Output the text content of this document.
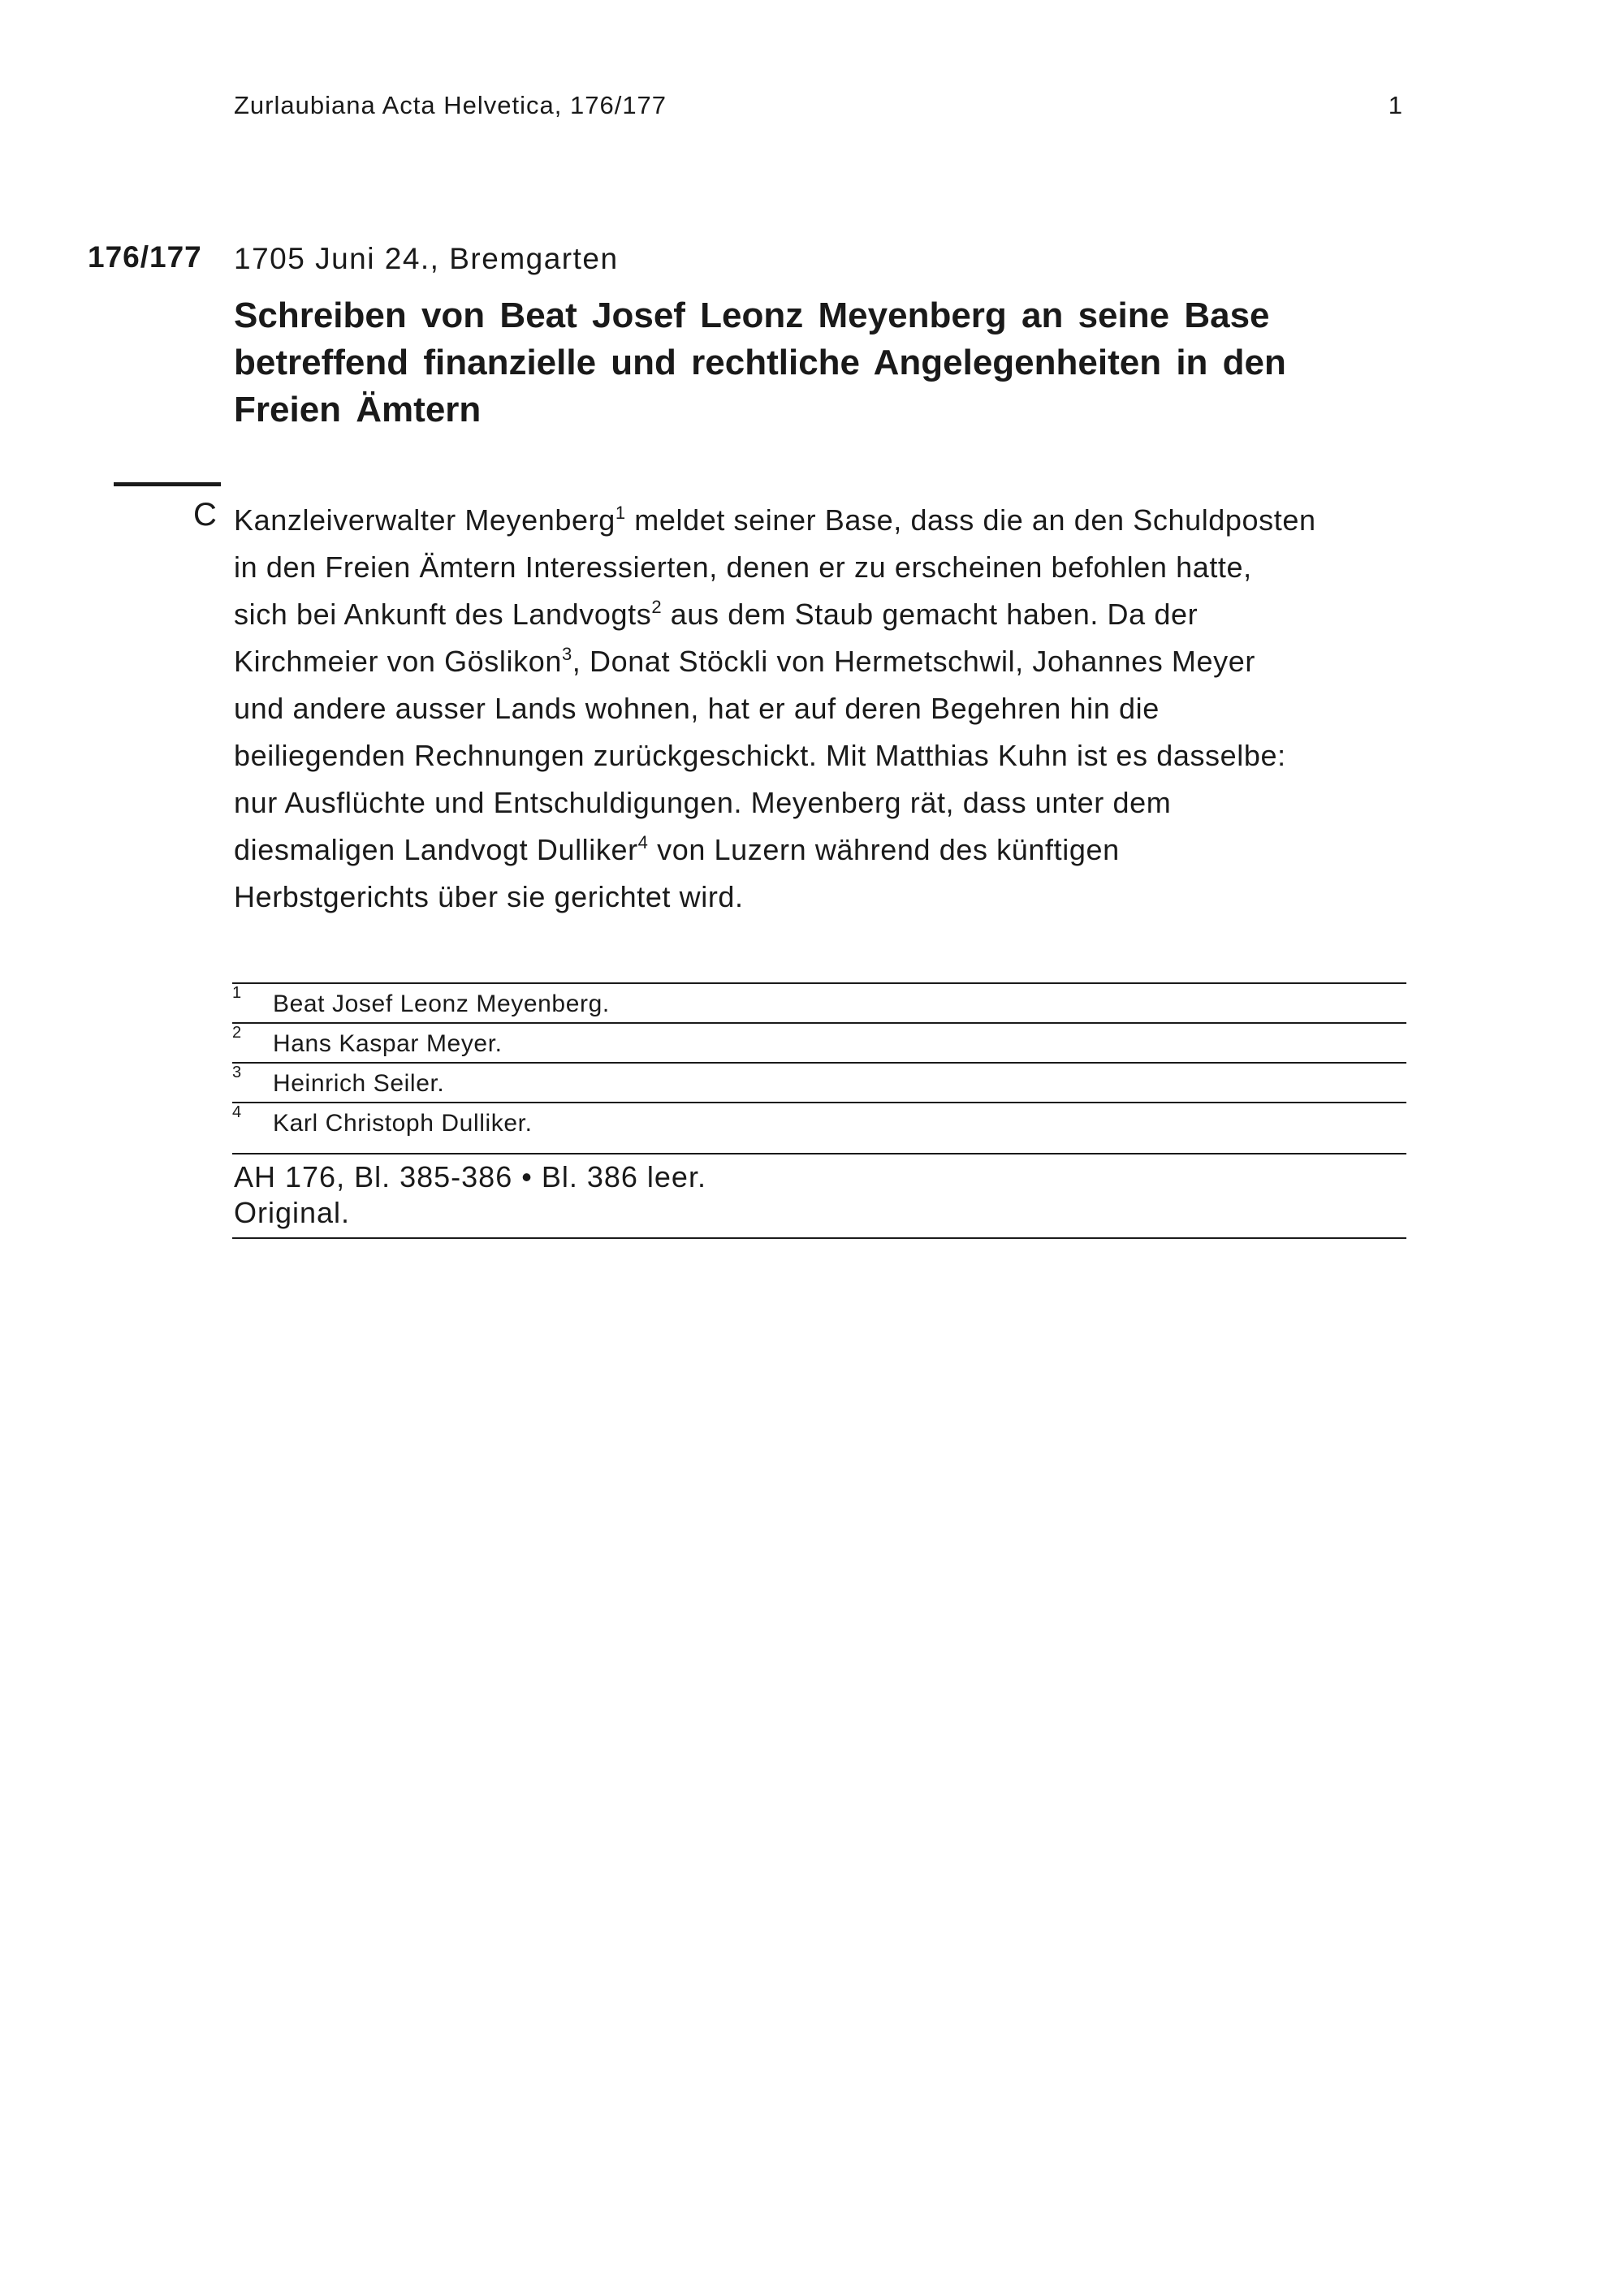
Zurlaubiana Acta Helvetica, 176/177	1
176/177 1705 Juni 24., Bremgarten
Schreiben von Beat Josef Leonz Meyenberg an seine Base
betreffend finanzielle und rechtliche Angelegenheiten in den
Freien Ämtern
C Kanzleiverwalter Meyenberg$^1$ meldet seiner Base, dass die an den Schuldposten
in den Freien Ämtern Interessierten, denen er zu erscheinen befohlen hatte,
sich bei Ankunft des Landvogts$^2$ aus dem Staub gemacht haben. Da der
Kirchmeier von Göslikon$^3$, Donat Stöckli von Hermetschwil, Johannes Meyer
und andere ausser Lands wohnen, hat er auf deren Begehren hin die
beiliegenden Rechnungen zurückgeschickt. Mit Matthias Kuhn ist es dasselbe:
nur Ausflüchte und Entschuldigungen. Meyenberg rät, dass unter dem
diesmaligen Landvogt Dulliker$^4$ von Luzern während des künftigen
Herbstgerichts über sie gerichtet wird.
1 Beat Josef Leonz Meyenberg.
2 Hans Kaspar Meyer.
3 Heinrich Seiler.
4 Karl Christoph Dulliker.
AH 176, Bl. 385-386 • Bl. 386 leer.
Original.
